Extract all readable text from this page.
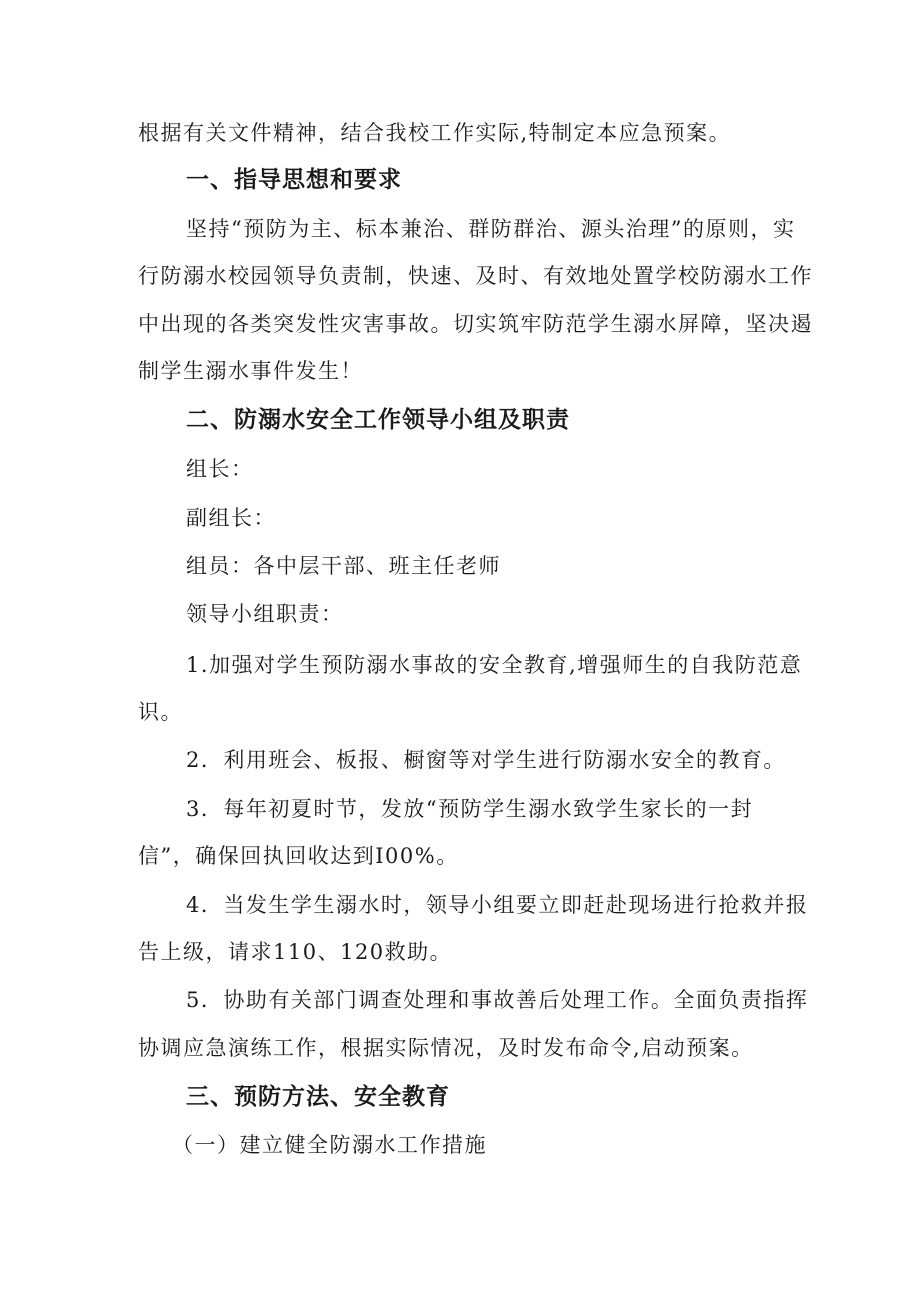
根据有关文件精神，结合我校工作实际,特制定本应急预案。
一、指导思想和要求
坚持“预防为主、标本兼治、群防群治、源头治理”的原则，实
行防溺水校园领导负责制，快速、及时、有效地处置学校防溺水工作
中出现的各类突发性灾害事故。切实筑牢防范学生溺水屏障，坚决遏
制学生溺水事件发生！
二、防溺水安全工作领导小组及职责
组长：
副组长：
组员：各中层干部、班主任老师
领导小组职责：
1.加强对学生预防溺水事故的安全教育,增强师生的自我防范意
识。
2．利用班会、板报、橱窗等对学生进行防溺水安全的教育。
3．每年初夏时节，发放“预防学生溺水致学生家长的一封
信”，确保回执回收达到I00%。
4．当发生学生溺水时，领导小组要立即赶赴现场进行抢救并报
告上级，请求110、120救助。
5．协助有关部门调查处理和事故善后处理工作。全面负责指挥
协调应急演练工作，根据实际情况，及时发布命令,启动预案。
三、预防方法、安全教育
（一）建立健全防溺水工作措施
